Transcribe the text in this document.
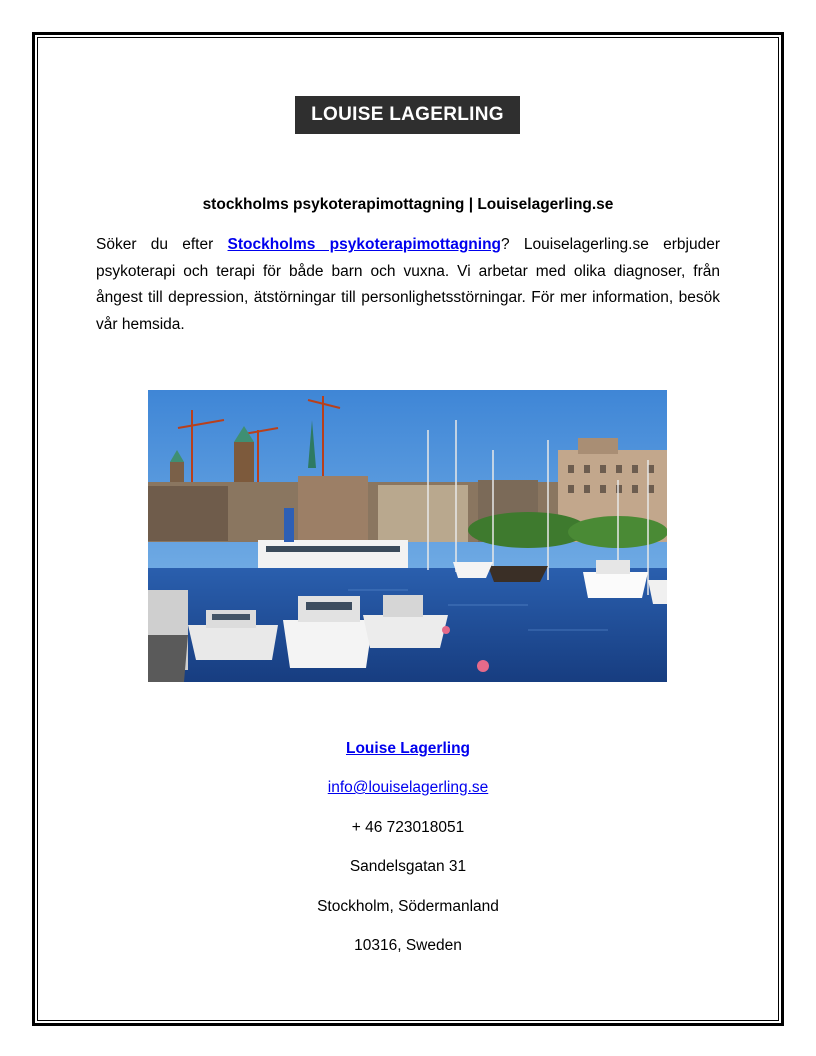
LOUISE LAGERLING
stockholms psykoterapimottagning | Louiselagerling.se

Söker du efter Stockholms psykoterapimottagning? Louiselagerling.se erbjuder psykoterapi och terapi för både barn och vuxna. Vi arbetar med olika diagnoser, från ångest till depression, ätstörningar till personlighetsstörningar. För mer information, besök vår hemsida.

Louise Lagerling
info@louiselagerling.se
+ 46 723018051
Sandelsgatan 31
Stockholm, Södermanland
10316, Sweden
